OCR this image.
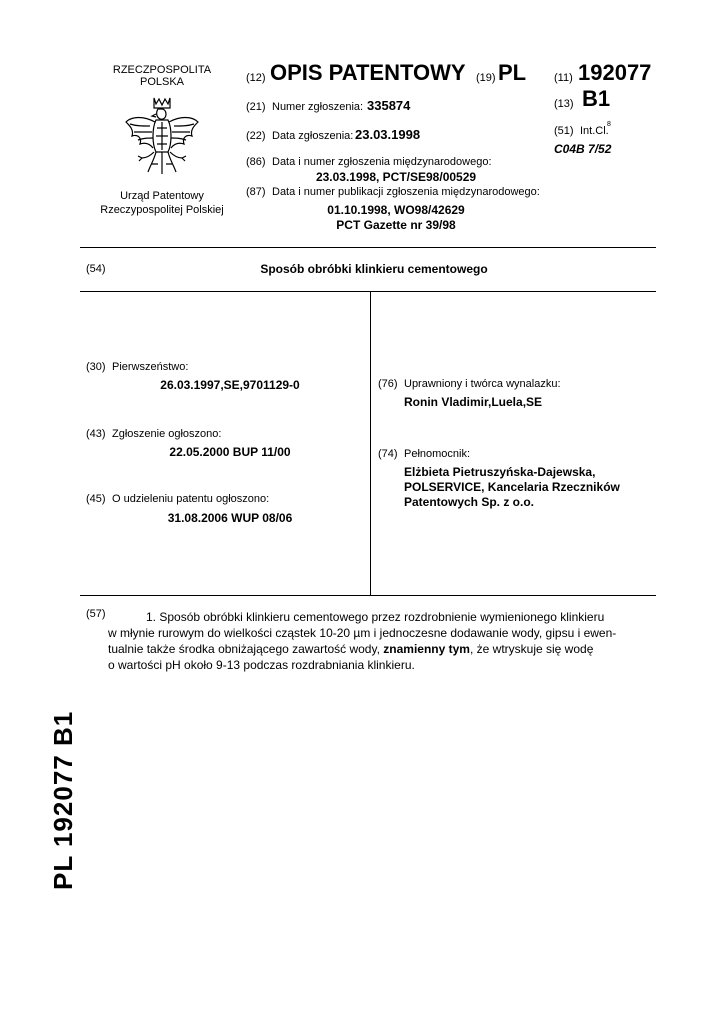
RZECZPOSPOLITA
POLSKA
Urząd Patentowy
Rzeczypospolitej Polskiej
(12) OPIS PATENTOWY (19) PL	(11) 192077
(13) B1
(21) Numer zgłoszenia: 335874
(22) Data zgłoszenia: 23.03.1998	(51) Int.Cl.
8
C04B 7/52
(86) Data i numer zgłoszenia międzynarodowego:
23.03.1998, PCT/SE98/00529
(87) Data i numer publikacji zgłoszenia międzynarodowego:
01.10.1998, WO98/42629
PCT Gazette nr 39/98
(54)	Sposób obróbki klinkieru cementowego
(30) Pierwszeństwo:
26.03.1997,SE,9701129-0
(43) Zgłoszenie ogłoszono:
22.05.2000 BUP 11/00
(45) O udzieleniu patentu ogłoszono:
31.08.2006 WUP 08/06
(76) Uprawniony i twórca wynalazku:
Ronin Vladimir,Luela,SE
(74) Pełnomocnik:
Elżbieta Pietruszyńska-Dajewska,
POLSERVICE, Kancelaria Rzeczników
Patentowych Sp. z o.o.
(57)	1. Sposób obróbki klinkieru cementowego przez rozdrobnienie wymienionego klinkieru
w młynie rurowym do wielkości cząstek 10-20 µm i jednoczesne dodawanie wody, gipsu i ewen-
tualnie także środka obniżającego zawartość wody, znamienny tym, że wtryskuje się wodę
o wartości pH około 9-13 podczas rozdrabniania klinkieru.
PL 192077 B1
